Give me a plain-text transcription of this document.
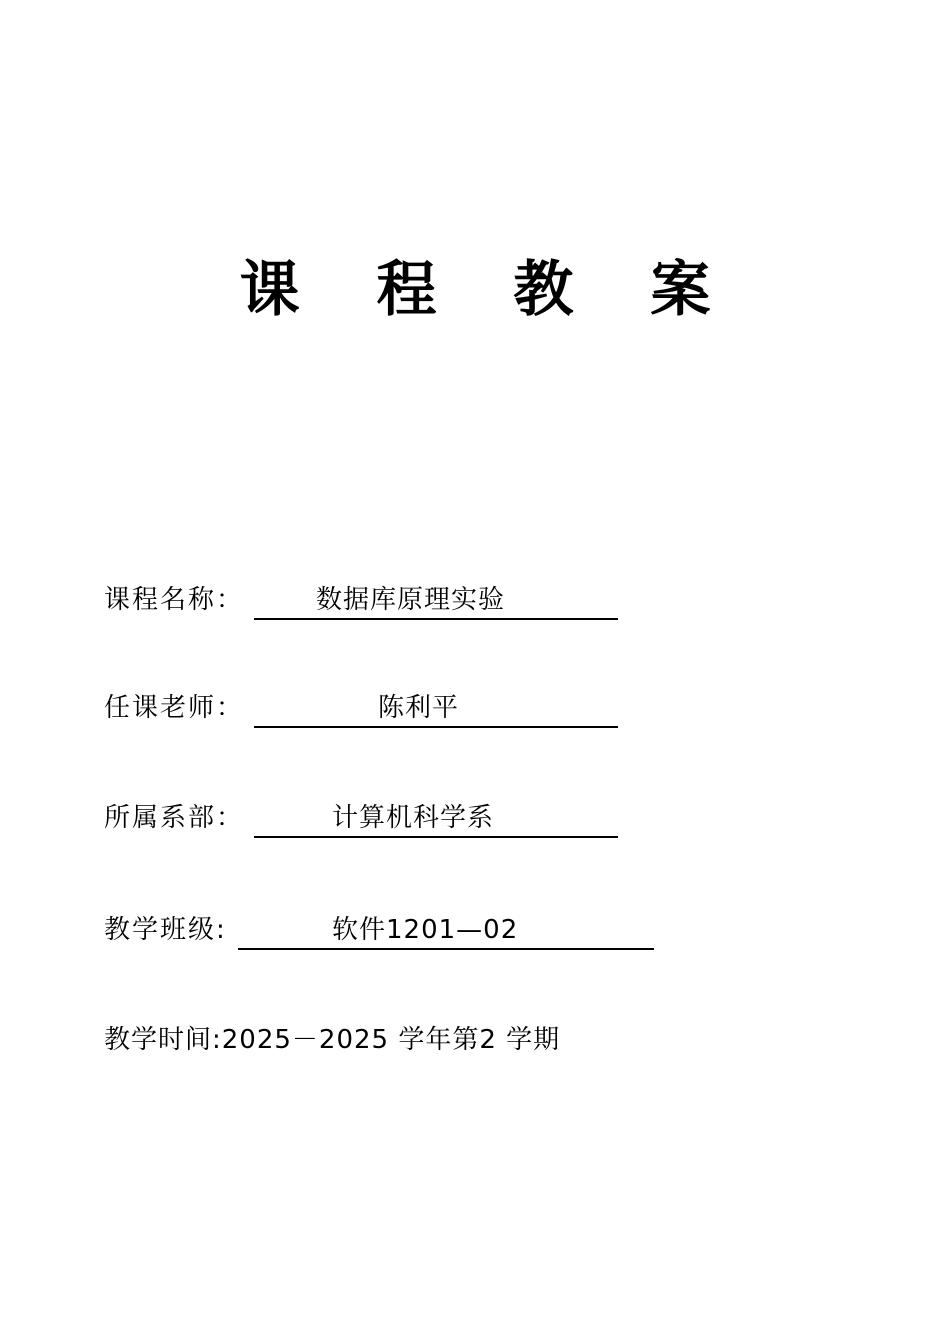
课 程 教 案
课程名称：	数据库原理实验
任课老师：	陈利平
所属系部：	计算机科学系
教学班级:	软件1201—02
教学时间:2025－2025 学年第2 学期
